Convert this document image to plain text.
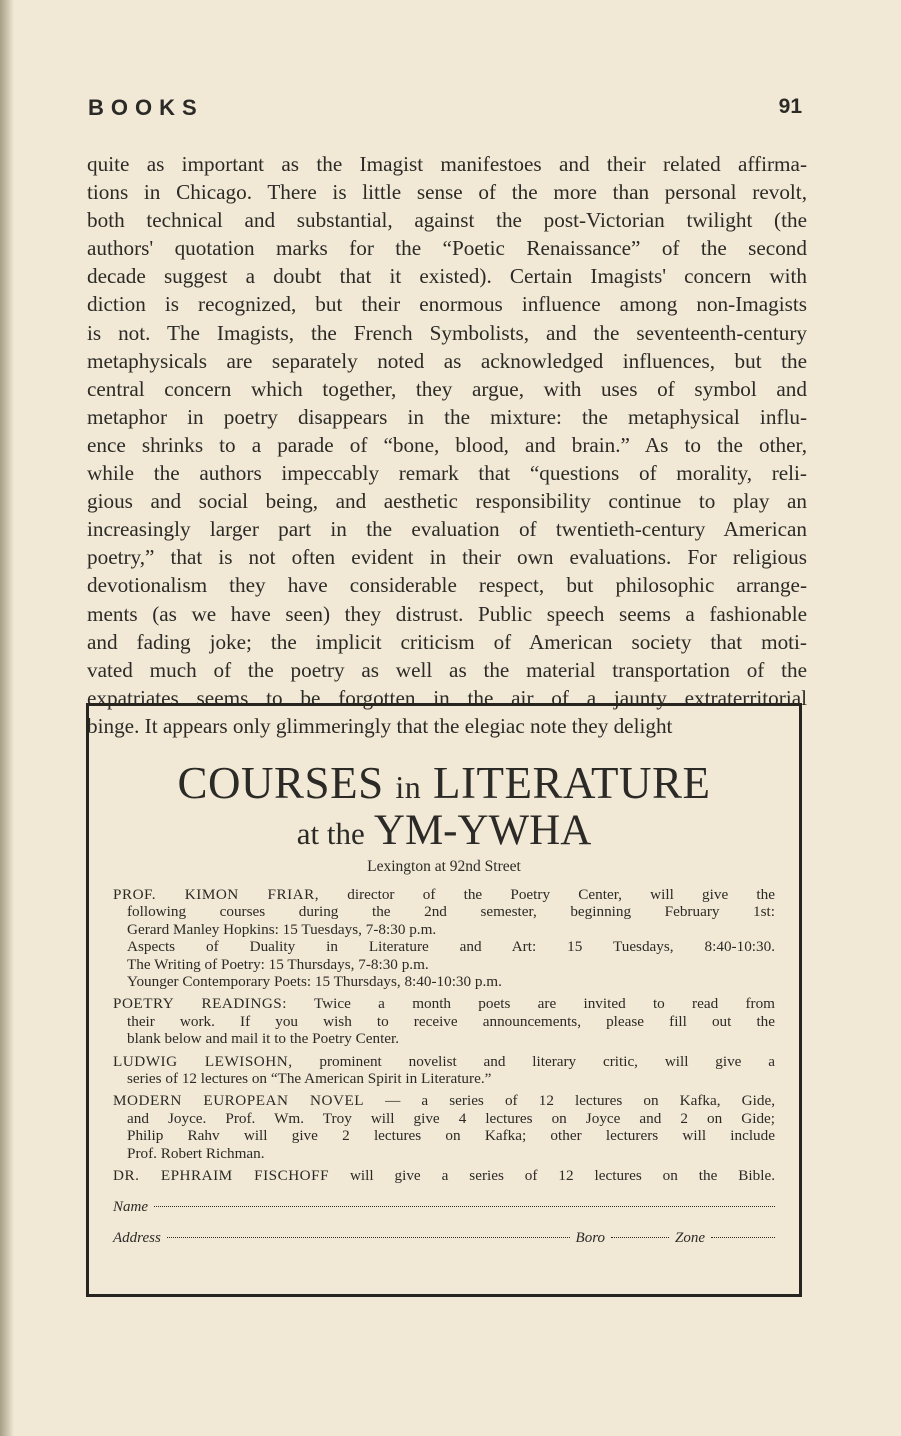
BOOKS	91
quite as important as the Imagist manifestoes and their related affirma-
tions in Chicago. There is little sense of the more than personal revolt,
both technical and substantial, against the post-Victorian twilight (the
authors' quotation marks for the “Poetic Renaissance” of the second
decade suggest a doubt that it existed). Certain Imagists' concern with
diction is recognized, but their enormous influence among non-Imagists
is not. The Imagists, the French Symbolists, and the seventeenth-century
metaphysicals are separately noted as acknowledged influences, but the
central concern which together, they argue, with uses of symbol and
metaphor in poetry disappears in the mixture: the metaphysical influ-
ence shrinks to a parade of “bone, blood, and brain.” As to the other,
while the authors impeccably remark that “questions of morality, reli-
gious and social being, and aesthetic responsibility continue to play an
increasingly larger part in the evaluation of twentieth-century American
poetry,” that is not often evident in their own evaluations. For religious
devotionalism they have considerable respect, but philosophic arrange-
ments (as we have seen) they distrust. Public speech seems a fashionable
and fading joke; the implicit criticism of American society that moti-
vated much of the poetry as well as the material transportation of the
expatriates seems to be forgotten in the air of a jaunty extraterritorial
binge. It appears only glimmeringly that the elegiac note they delight
COURSES in LITERATURE
at the YM-YWHA
Lexington at 92nd Street
PROF. KIMON FRIAR, director of the Poetry Center, will give the
following courses during the 2nd semester, beginning February 1st:
Gerard Manley Hopkins: 15 Tuesdays, 7-8:30 p.m.
Aspects of Duality in Literature and Art: 15 Tuesdays, 8:40-10:30.
The Writing of Poetry: 15 Thursdays, 7-8:30 p.m.
Younger Contemporary Poets: 15 Thursdays, 8:40-10:30 p.m.
POETRY READINGS: Twice a month poets are invited to read from
their work. If you wish to receive announcements, please fill out the
blank below and mail it to the Poetry Center.
LUDWIG LEWISOHN, prominent novelist and literary critic, will give a
series of 12 lectures on “The American Spirit in Literature.”
MODERN EUROPEAN NOVEL — a series of 12 lectures on Kafka, Gide,
and Joyce. Prof. Wm. Troy will give 4 lectures on Joyce and 2 on Gide;
Philip Rahv will give 2 lectures on Kafka; other lecturers will include
Prof. Robert Richman.
DR. EPHRAIM FISCHOFF will give a series of 12 lectures on the Bible.
Name
Address	Boro	Zone
